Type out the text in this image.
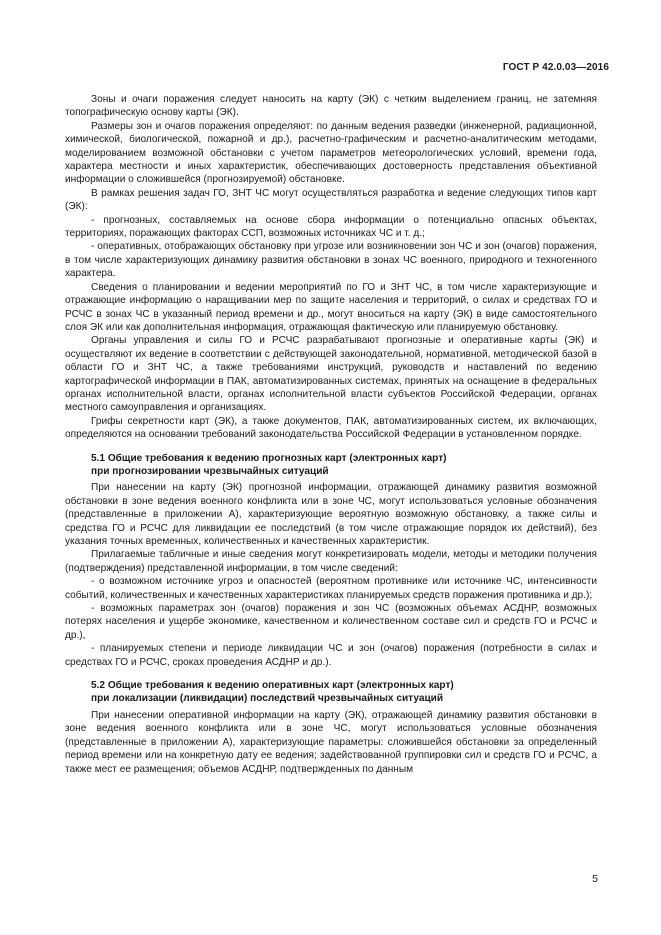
ГОСТ Р 42.0.03—2016

Зоны и очаги поражения следует наносить на карту (ЭК) с четким выделением границ, не затемняя топографическую основу карты (ЭК).

Размеры зон и очагов поражения определяют: по данным ведения разведки (инженерной, радиационной, химической, биологической, пожарной и др.), расчетно-графическим и расчетно-аналитическим методами, моделированием возможной обстановки с учетом параметров метеорологических условий, времени года, характера местности и иных характеристик, обеспечивающих достоверность представления объективной информации о сложившейся (прогнозируемой) обстановке.

В рамках решения задач ГО, ЗНТ ЧС могут осуществляться разработка и ведение следующих типов карт (ЭК):

- прогнозных, составляемых на основе сбора информации о потенциально опасных объектах, территориях, поражающих факторах ССП, возможных источниках ЧС и т. д.;

- оперативных, отображающих обстановку при угрозе или возникновении зон ЧС и зон (очагов) поражения, в том числе характеризующих динамику развития обстановки в зонах ЧС военного, природного и техногенного характера.

Сведения о планировании и ведении мероприятий по ГО и ЗНТ ЧС, в том числе характеризующие и отражающие информацию о наращивании мер по защите населения и территорий, о силах и средствах ГО и РСЧС в зонах ЧС в указанный период времени и др., могут вноситься на карту (ЭК) в виде самостоятельного слоя ЭК или как дополнительная информация, отражающая фактическую или планируемую обстановку.

Органы управления и силы ГО и РСЧС разрабатывают прогнозные и оперативные карты (ЭК) и осуществляют их ведение в соответствии с действующей законодательной, нормативной, методической базой в области ГО и ЗНТ ЧС, а также требованиями инструкций, руководств и наставлений по ведению картографической информации в ПАК, автоматизированных системах, принятых на оснащение в федеральных органах исполнительной власти, органах исполнительной власти субъектов Российской Федерации, органах местного самоуправления и организациях.

Грифы секретности карт (ЭК), а также документов, ПАК, автоматизированных систем, их включающих, определяются на основании требований законодательства Российской Федерации в установленном порядке.

5.1 Общие требования к ведению прогнозных карт (электронных карт)
при прогнозировании чрезвычайных ситуаций

При нанесении на карту (ЭК) прогнозной информации, отражающей динамику развития возможной обстановки в зоне ведения военного конфликта или в зоне ЧС, могут использоваться условные обозначения (представленные в приложении А), характеризующие вероятную возможную обстановку, а также силы и средства ГО и РСЧС для ликвидации ее последствий (в том числе отражающие порядок их действий), без указания точных временных, количественных и качественных характеристик.

Прилагаемые табличные и иные сведения могут конкретизировать модели, методы и методики получения (подтверждения) представленной информации, в том числе сведений:

- о возможном источнике угроз и опасностей (вероятном противнике или источнике ЧС, интенсивности событий, количественных и качественных характеристиках планируемых средств поражения противника и др.);

- возможных параметрах зон (очагов) поражения и зон ЧС (возможных объемах АСДНР, возможных потерях населения и ущербе экономике, качественном и количественном составе сил и средств ГО и РСЧС и др.),

- планируемых степени и периоде ликвидации ЧС и зон (очагов) поражения (потребности в силах и средствах ГО и РСЧС, сроках проведения АСДНР и др.).

5.2 Общие требования к ведению оперативных карт (электронных карт)
при локализации (ликвидации) последствий чрезвычайных ситуаций

При нанесении оперативной информации на карту (ЭК), отражающей динамику развития обстановки в зоне ведения военного конфликта или в зоне ЧС, могут использоваться условные обозначения (представленные в приложении А), характеризующие параметры: сложившейся обстановки за определенный период времени или на конкретную дату ее ведения; задействованной группировки сил и средств ГО и РСЧС, а также мест ее размещения; объемов АСДНР, подтвержденных по данным

5
